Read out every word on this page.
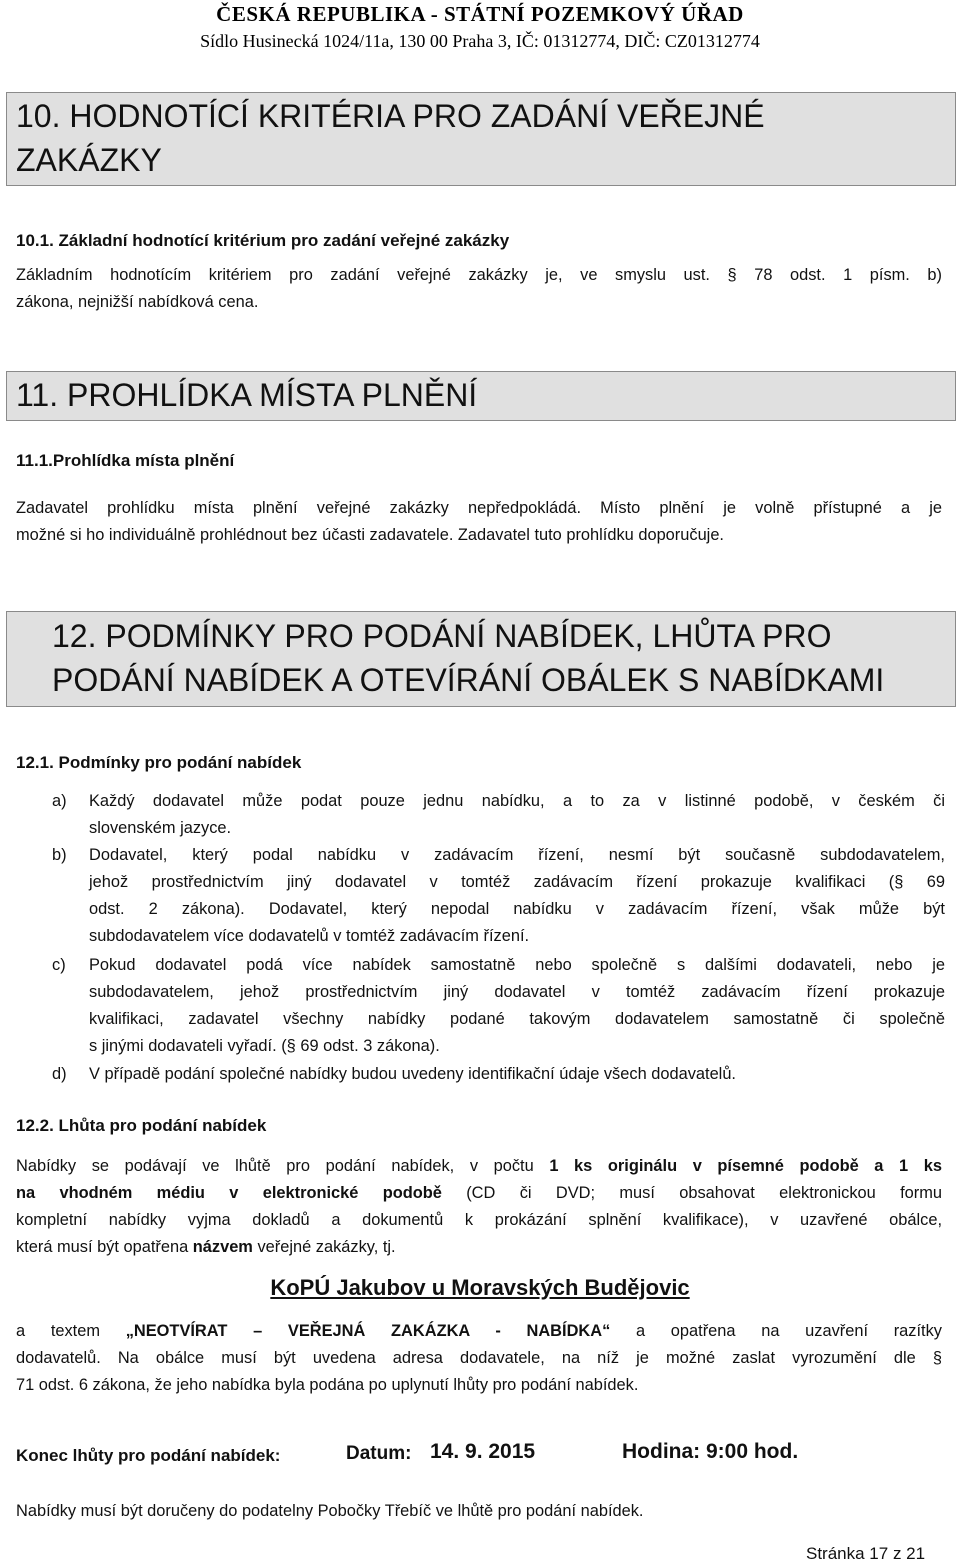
ČESKÁ REPUBLIKA - STÁTNÍ POZEMKOVÝ ÚŘAD
Sídlo Husinecká 1024/11a, 130 00 Praha 3, IČ: 01312774, DIČ: CZ01312774
10. HODNOTÍCÍ KRITÉRIA PRO ZADÁNÍ VEŘEJNÉ
ZAKÁZKY
10.1. Základní hodnotící kritérium pro zadání veřejné zakázky
Základním hodnotícím kritériem pro zadání veřejné zakázky je, ve smyslu ust. § 78 odst. 1 písm. b)
zákona, nejnižší nabídková cena.
11. PROHLÍDKA MÍSTA PLNĚNÍ
11.1.Prohlídka místa plnění
Zadavatel prohlídku místa plnění veřejné zakázky nepředpokládá. Místo plnění je volně přístupné a je
možné si ho individuálně prohlédnout bez účasti zadavatele. Zadavatel tuto prohlídku doporučuje.
12. PODMÍNKY PRO PODÁNÍ NABÍDEK, LHŮTA PRO
PODÁNÍ NABÍDEK A OTEVÍRÁNÍ OBÁLEK S NABÍDKAMI
12.1. Podmínky pro podání nabídek
a) Každý dodavatel může podat pouze jednu nabídku, a to za v listinné podobě, v českém či
slovenském jazyce.
b) Dodavatel, který podal nabídku v zadávacím řízení, nesmí být současně subdodavatelem,
jehož prostřednictvím jiný dodavatel v tomtéž zadávacím řízení prokazuje kvalifikaci (§ 69
odst. 2 zákona). Dodavatel, který nepodal nabídku v zadávacím řízení, však může být
subdodavatelem více dodavatelů v tomtéž zadávacím řízení.
c) Pokud dodavatel podá více nabídek samostatně nebo společně s dalšími dodavateli, nebo je
subdodavatelem, jehož prostřednictvím jiný dodavatel v tomtéž zadávacím řízení prokazuje
kvalifikaci, zadavatel všechny nabídky podané takovým dodavatelem samostatně či společně
s jinými dodavateli vyřadí. (§ 69 odst. 3 zákona).
d) V případě podání společné nabídky budou uvedeny identifikační údaje všech dodavatelů.
12.2. Lhůta pro podání nabídek
Nabídky se podávají ve lhůtě pro podání nabídek, v počtu 1 ks originálu v písemné podobě a 1 ks
na vhodném médiu v elektronické podobě (CD či DVD; musí obsahovat elektronickou formu
kompletní nabídky vyjma dokladů a dokumentů k prokázání splnění kvalifikace), v uzavřené obálce,
která musí být opatřena názvem veřejné zakázky, tj.
KoPÚ Jakubov u Moravských Budějovic
a textem „NEOTVÍRAT – VEŘEJNÁ ZAKÁZKA - NABÍDKA“ a opatřena na uzavření razítky
dodavatelů. Na obálce musí být uvedena adresa dodavatele, na níž je možné zaslat vyrozumění dle §
71 odst. 6 zákona, že jeho nabídka byla podána po uplynutí lhůty pro podání nabídek.
Konec lhůty pro podání nabídek:	Datum: 14. 9. 2015	Hodina: 9:00 hod.
Nabídky musí být doručeny do podatelny Pobočky Třebíč ve lhůtě pro podání nabídek.
Stránka 17 z 21
